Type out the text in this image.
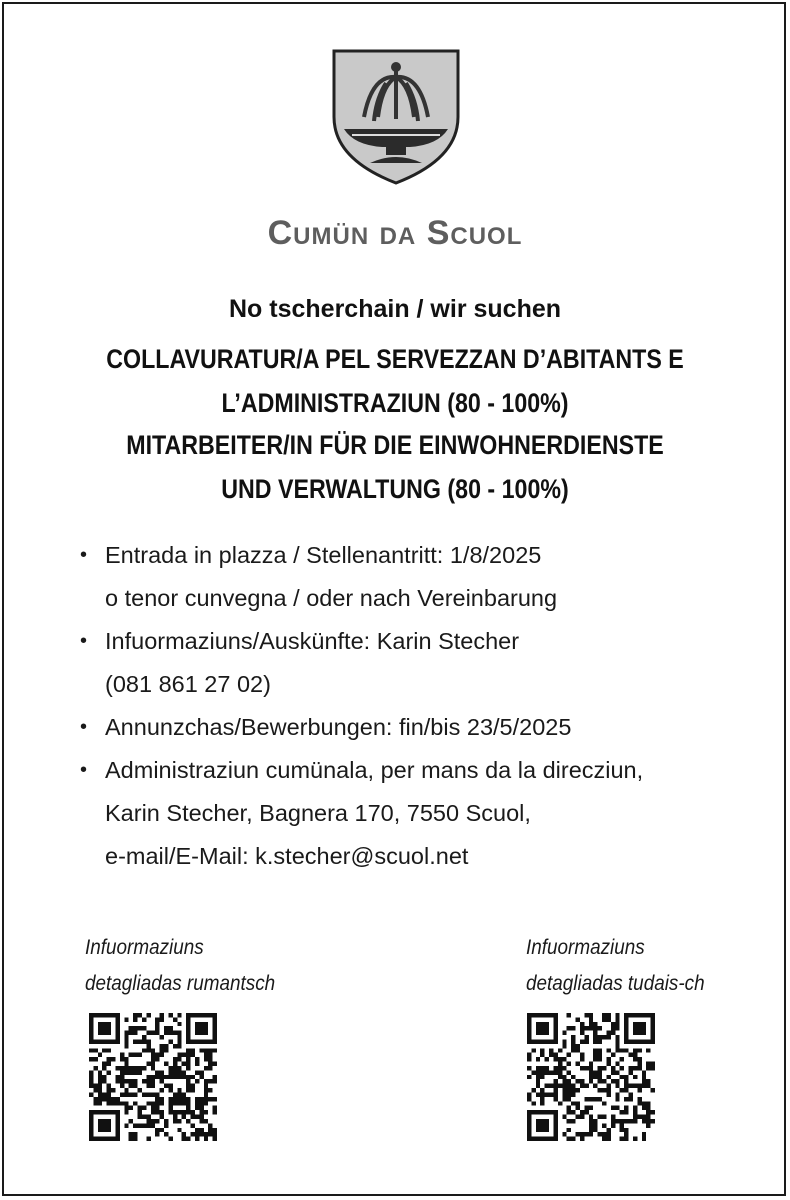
Cumün da Scuol
No tscherchain / wir suchen
COLLAVURATUR/A PEL SERVEZZAN D’ABITANTS E
L’ADMINISTRAZIUN (80 - 100%)
MITARBEITER/IN FÜR DIE EINWOHNERDIENSTE
UND VERWALTUNG (80 - 100%)
• Entrada in plazza / Stellenantritt: 1/8/2025
o tenor cunvegna / oder nach Vereinbarung
• Infuormaziuns/Auskünfte: Karin Stecher
(081 861 27 02)
• Annunzchas/Bewerbungen: fin/bis 23/5/2025
• Administraziun cumünala, per mans da la direcziun,
Karin Stecher, Bagnera 170, 7550 Scuol,
e-mail/E-Mail: k.stecher@scuol.net
Infuormaziuns
detagliadas rumantsch
Infuormaziuns
detagliadas tudais-ch
